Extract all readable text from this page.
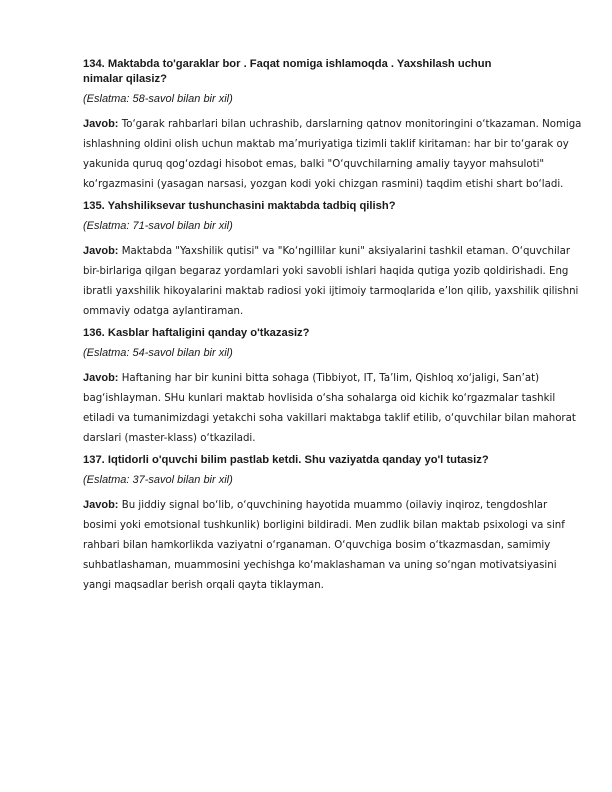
134. Maktabda to'garaklar bor . Faqat nomiga ishlamoqda . Yaxshilash uchun nimalar qilasiz?

(Eslatma: 58-savol bilan bir xil)

Javob: To‘garak rahbarlari bilan uchrashib, darslarning qatnov monitoringini o‘tkazaman. Nomiga ishlashning oldini olish uchun maktab ma’muriyatiga tizimli taklif kiritaman: har bir to‘garak oy yakunida quruq qog‘ozdagi hisobot emas, balki "O‘quvchilarning amaliy tayyor mahsuloti" ko‘rgazmasini (yasagan narsasi, yozgan kodi yoki chizgan rasmini) taqdim etishi shart bo‘ladi.

135. Yahshiliksevar tushunchasini maktabda tadbiq qilish?

(Eslatma: 71-savol bilan bir xil)

Javob: Maktabda "Yaxshilik qutisi" va "Ko‘ngillilar kuni" aksiyalarini tashkil etaman. O‘quvchilar bir-birlariga qilgan begaraz yordamlari yoki savobli ishlari haqida qutiga yozib qoldirishadi. Eng ibratli yaxshilik hikoyalarini maktab radiosi yoki ijtimoiy tarmoqlarida e’lon qilib, yaxshilik qilishni ommaviy odatga aylantiraman.

136. Kasblar haftaligini qanday o'tkazasiz?

(Eslatma: 54-savol bilan bir xil)

Javob: Haftaning har bir kunini bitta sohaga (Tibbiyot, IT, Ta’lim, Qishloq xo‘jaligi, San’at) bag‘ishlayman. SHu kunlari maktab hovlisida o‘sha sohalarga oid kichik ko‘rgazmalar tashkil etiladi va tumanimizdagi yetakchi soha vakillari maktabga taklif etilib, o‘quvchilar bilan mahorat darslari (master-klass) o‘tkaziladi.

137. Iqtidorli o'quvchi bilim pastlab ketdi. Shu vaziyatda qanday yo'l tutasiz?

(Eslatma: 37-savol bilan bir xil)

Javob: Bu jiddiy signal bo‘lib, o‘quvchining hayotida muammo (oilaviy inqiroz, tengdoshlar bosimi yoki emotsional tushkunlik) borligini bildiradi. Men zudlik bilan maktab psixologi va sinf rahbari bilan hamkorlikda vaziyatni o‘rganaman. O‘quvchiga bosim o‘tkazmasdan, samimiy suhbatlashaman, muammosini yechishga ko‘maklashaman va uning so‘ngan motivatsiyasini yangi maqsadlar berish orqali qayta tiklayman.
